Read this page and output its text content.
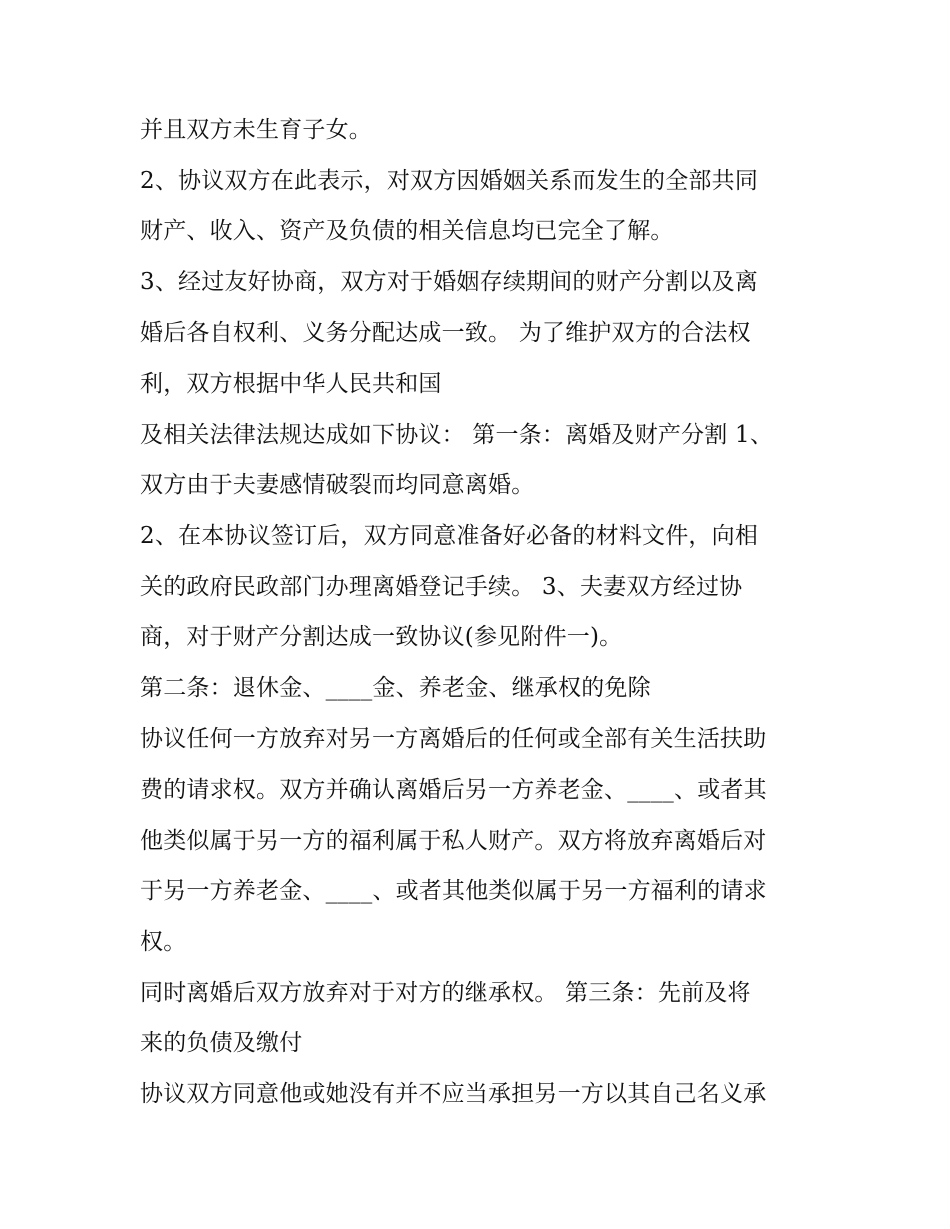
并且双方未生育子女。
2、协议双方在此表示，对双方因婚姻关系而发生的全部共同
财产、收入、资产及负债的相关信息均已完全了解。
3、经过友好协商，双方对于婚姻存续期间的财产分割以及离
婚后各自权利、义务分配达成一致。 为了维护双方的合法权
利，双方根据中华人民共和国
及相关法律法规达成如下协议： 第一条：离婚及财产分割 1、
双方由于夫妻感情破裂而均同意离婚。
2、在本协议签订后，双方同意准备好必备的材料文件，向相
关的政府民政部门办理离婚登记手续。 3、夫妻双方经过协
商，对于财产分割达成一致协议(参见附件一)。
第二条：退休金、____金、养老金、继承权的免除
协议任何一方放弃对另一方离婚后的任何或全部有关生活扶助
费的请求权。双方并确认离婚后另一方养老金、____、或者其
他类似属于另一方的福利属于私人财产。双方将放弃离婚后对
于另一方养老金、____、或者其他类似属于另一方福利的请求
权。
同时离婚后双方放弃对于对方的继承权。 第三条：先前及将
来的负债及缴付
协议双方同意他或她没有并不应当承担另一方以其自己名义承
